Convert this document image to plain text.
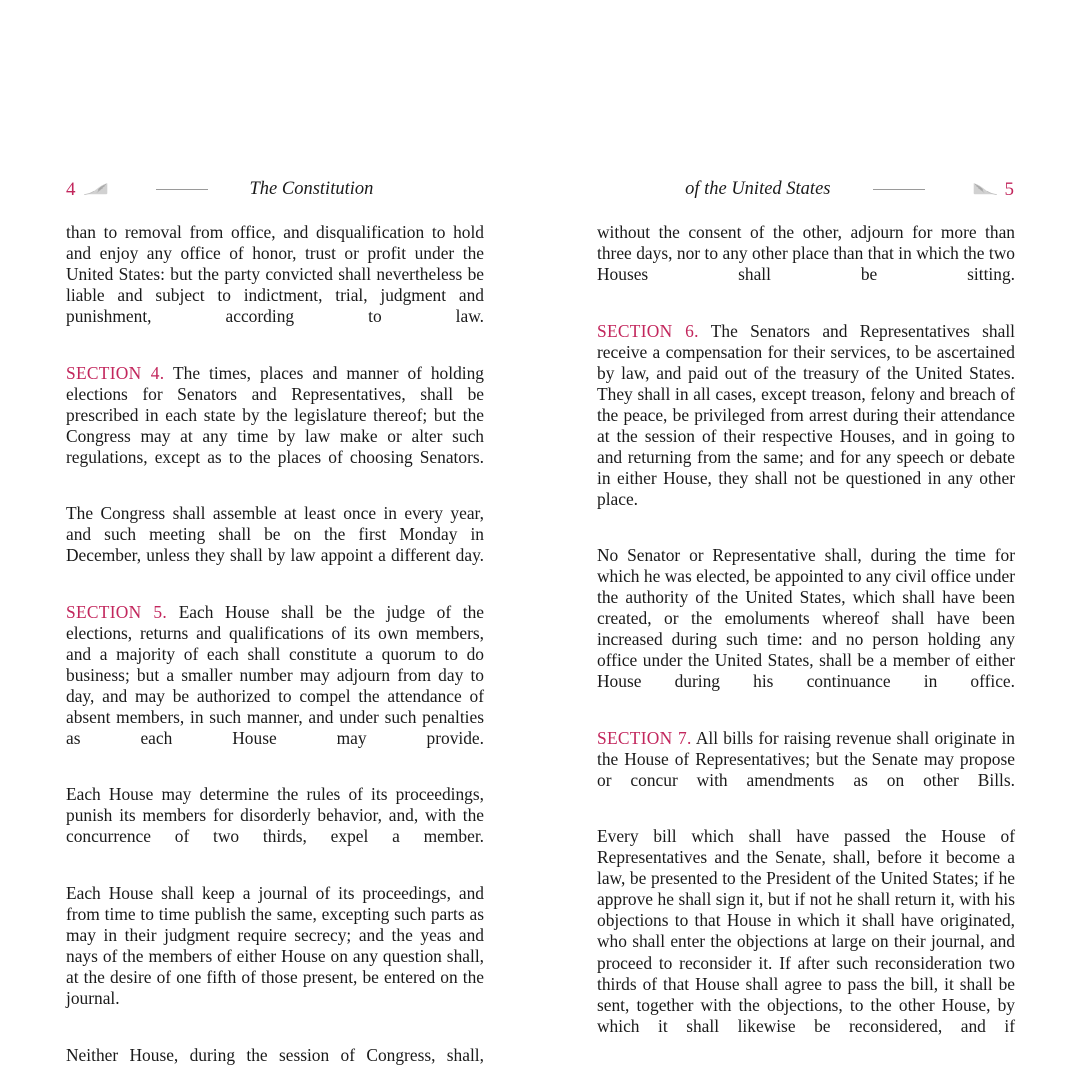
4	The Constitution

than to removal from office, and disqualification to hold and enjoy any office of honor, trust or profit under the United States: but the party convicted shall nevertheless be liable and subject to indictment, trial, judgment and punishment, according to law.

SECTION 4. The times, places and manner of holding elections for Senators and Representatives, shall be prescribed in each state by the legislature thereof; but the Congress may at any time by law make or alter such regulations, except as to the places of choosing Senators.

The Congress shall assemble at least once in every year, and such meeting shall be on the first Monday in December, unless they shall by law appoint a different day.

SECTION 5. Each House shall be the judge of the elections, returns and qualifications of its own members, and a majority of each shall constitute a quorum to do business; but a smaller number may adjourn from day to day, and may be authorized to compel the attendance of absent members, in such manner, and under such penalties as each House may provide.

Each House may determine the rules of its proceedings, punish its members for disorderly behavior, and, with the concurrence of two thirds, expel a member.

Each House shall keep a journal of its proceedings, and from time to time publish the same, excepting such parts as may in their judgment require secrecy; and the yeas and nays of the members of either House on any question shall, at the desire of one fifth of those present, be entered on the journal.

Neither House, during the session of Congress, shall,

of the United States	5

without the consent of the other, adjourn for more than three days, nor to any other place than that in which the two Houses shall be sitting.

SECTION 6. The Senators and Representatives shall receive a compensation for their services, to be ascertained by law, and paid out of the treasury of the United States. They shall in all cases, except treason, felony and breach of the peace, be privileged from arrest during their attendance at the session of their respective Houses, and in going to and returning from the same; and for any speech or debate in either House, they shall not be questioned in any other place.

No Senator or Representative shall, during the time for which he was elected, be appointed to any civil office under the authority of the United States, which shall have been created, or the emoluments whereof shall have been increased during such time: and no person holding any office under the United States, shall be a member of either House during his continuance in office.

SECTION 7. All bills for raising revenue shall originate in the House of Representatives; but the Senate may propose or concur with amendments as on other Bills.

Every bill which shall have passed the House of Representatives and the Senate, shall, before it become a law, be presented to the President of the United States; if he approve he shall sign it, but if not he shall return it, with his objections to that House in which it shall have originated, who shall enter the objections at large on their journal, and proceed to reconsider it. If after such reconsideration two thirds of that House shall agree to pass the bill, it shall be sent, together with the objections, to the other House, by which it shall likewise be reconsidered, and if
